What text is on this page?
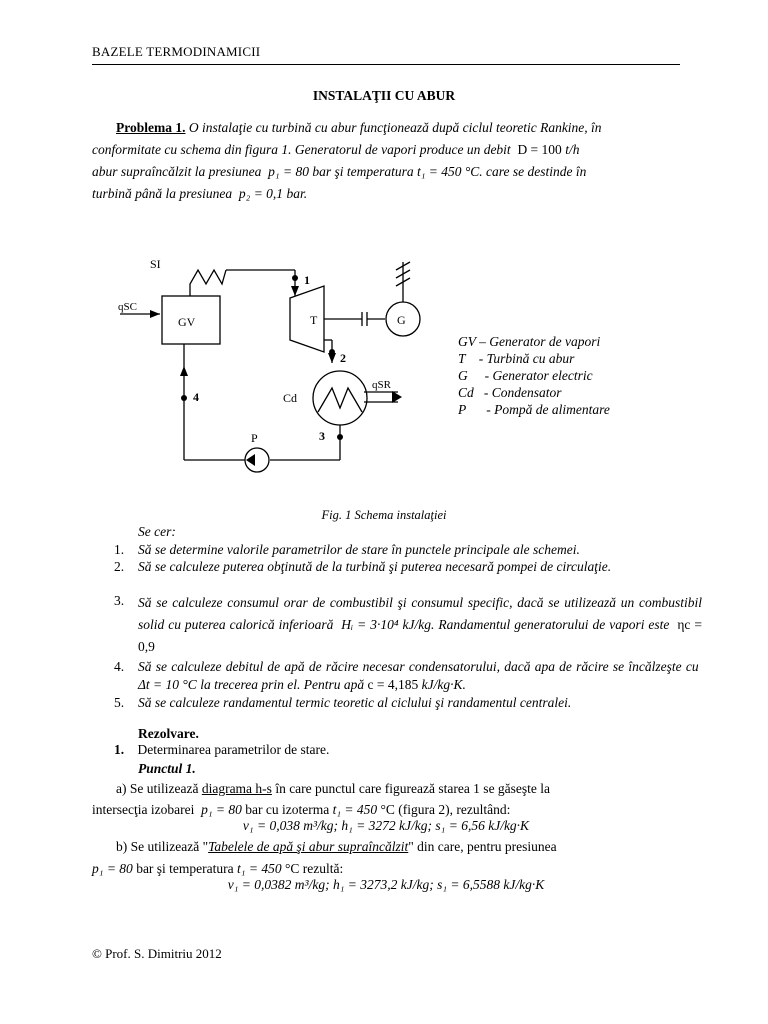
BAZELE TERMODINAMICII
INSTALAŢII CU ABUR
Problema 1. O instalaţie cu turbină cu abur funcţionează după ciclul teoretic Rankine, în
conformitate cu schema din figura 1. Generatorul de vapori produce un debit D = 100 t/h
abur supraîncălzit la presiunea p₁ = 80 bar şi temperatura t₁ = 450 °C. care se destinde în
turbină până la presiunea p₂ = 0,1 bar.
SI
qSC
GV	T	G
Cd
qSR
P
1
2
3
4
GV – Generator de vapori
T    - Turbină cu abur
G     - Generator electric
Cd   - Condensator
P      - Pompă de alimentare
Fig. 1 Schema instalaţiei
Se cer:
1. Să se determine valorile parametrilor de stare în punctele principale ale schemei.
2. Să se calculeze puterea obţinută de la turbină şi puterea necesară pompei de circulaţie.
3. Să se calculeze consumul orar de combustibil şi consumul specific, dacă se utilizează un combustibil solid cu puterea calorică inferioară Hᵢ = 3·10⁴ kJ/kg. Randamentul generatorului de vapori este ηc = 0,9
4. Să se calculeze debitul de apă de răcire necesar condensatorului, dacă apa de răcire se încălzeşte cu  Δt = 10 °C la trecerea prin el. Pentru apă c = 4,185 kJ/kg·K.
5. Să se calculeze randamentul termic teoretic al ciclului şi randamentul centralei.
Rezolvare.
1. Determinarea parametrilor de stare.
Punctul 1.
a) Se utilizează diagrama h-s în care punctul care figurează starea 1 se găseşte la
intersecţia izobarei p₁ = 80 bar cu izoterma t₁ = 450 °C (figura 2), rezultând:
v₁ = 0,038 m³/kg; h₁ = 3272 kJ/kg; s₁ = 6,56 kJ/kg·K
b) Se utilizează "Tabelele de apă şi abur supraîncălzit" din care, pentru presiunea
p₁ = 80 bar şi temperatura t₁ = 450 °C rezultă:
v₁ = 0,0382 m³/kg; h₁ = 3273,2 kJ/kg; s₁ = 6,5588 kJ/kg·K
© Prof. S. Dimitriu 2012
